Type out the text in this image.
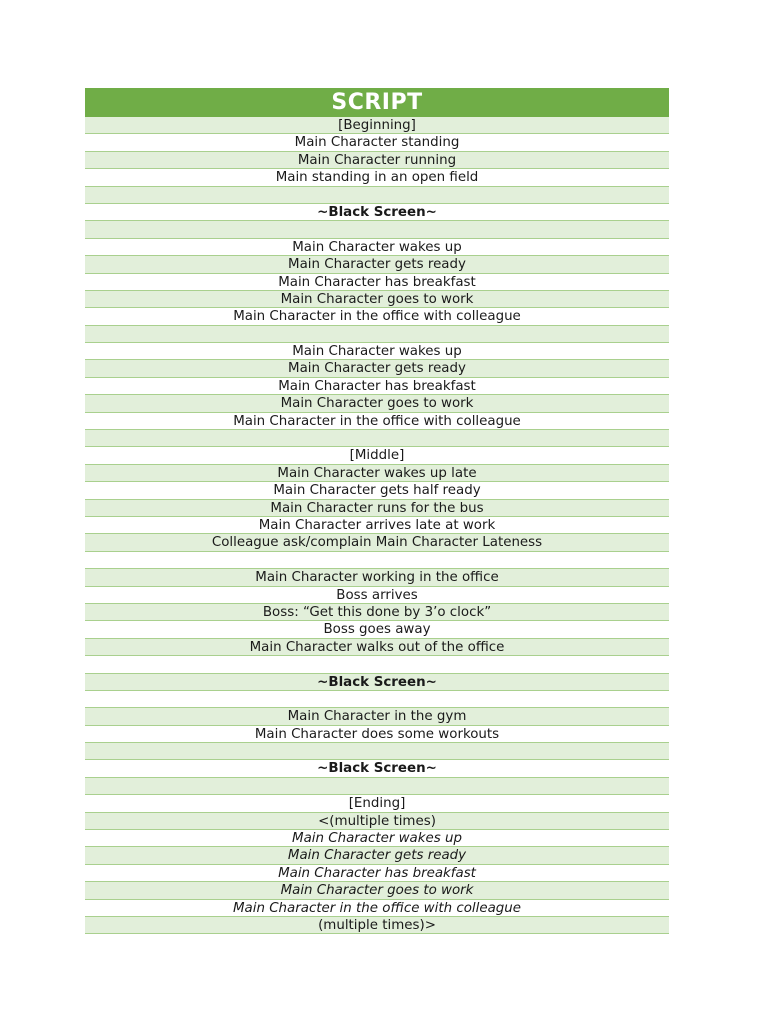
SCRIPT
[Beginning]
Main Character standing
Main Character running
Main standing in an open field
~Black Screen~
Main Character wakes up
Main Character gets ready
Main Character has breakfast
Main Character goes to work
Main Character in the office with colleague
Main Character wakes up
Main Character gets ready
Main Character has breakfast
Main Character goes to work
Main Character in the office with colleague
[Middle]
Main Character wakes up late
Main Character gets half ready
Main Character runs for the bus
Main Character arrives late at work
Colleague ask/complain Main Character Lateness
Main Character working in the office
Boss arrives
Boss: “Get this done by 3’o clock”
Boss goes away
Main Character walks out of the office
~Black Screen~
Main Character in the gym
Main Character does some workouts
~Black Screen~
[Ending]
<(multiple times)
Main Character wakes up
Main Character gets ready
Main Character has breakfast
Main Character goes to work
Main Character in the office with colleague
(multiple times)>
